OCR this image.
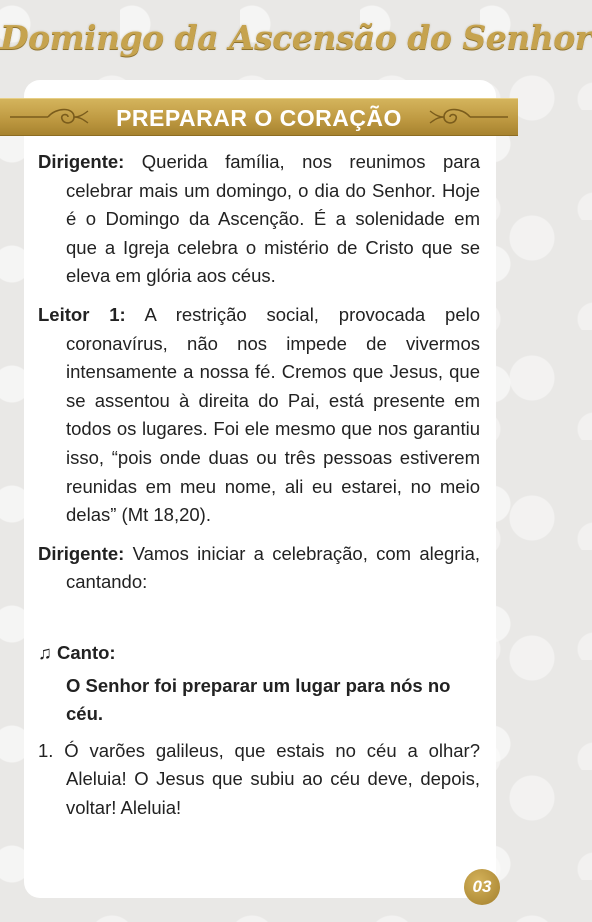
Domingo da Ascensão do Senhor
PREPARAR O CORAÇÃO

Dirigente: Querida família, nos reunimos para celebrar mais um domingo, o dia do Senhor. Hoje é o Domingo da Ascenção. É a solenidade em que a Igreja celebra o mistério de Cristo que se eleva em glória aos céus.

Leitor 1: A restrição social, provocada pelo coronavírus, não nos impede de vivermos intensamente a nossa fé. Cremos que Jesus, que se assentou à direita do Pai, está presente em todos os lugares. Foi ele mesmo que nos garantiu isso, “pois onde duas ou três pessoas estiverem reunidas em meu nome, ali eu estarei, no meio delas” (Mt 18,20).

Dirigente: Vamos iniciar a celebração, com alegria, cantando:

♫ Canto:

O Senhor foi preparar um lugar para nós no céu.

1. Ó varões galileus, que estais no céu a olhar? Aleluia! O Jesus que subiu ao céu deve, depois, voltar! Aleluia!

03
